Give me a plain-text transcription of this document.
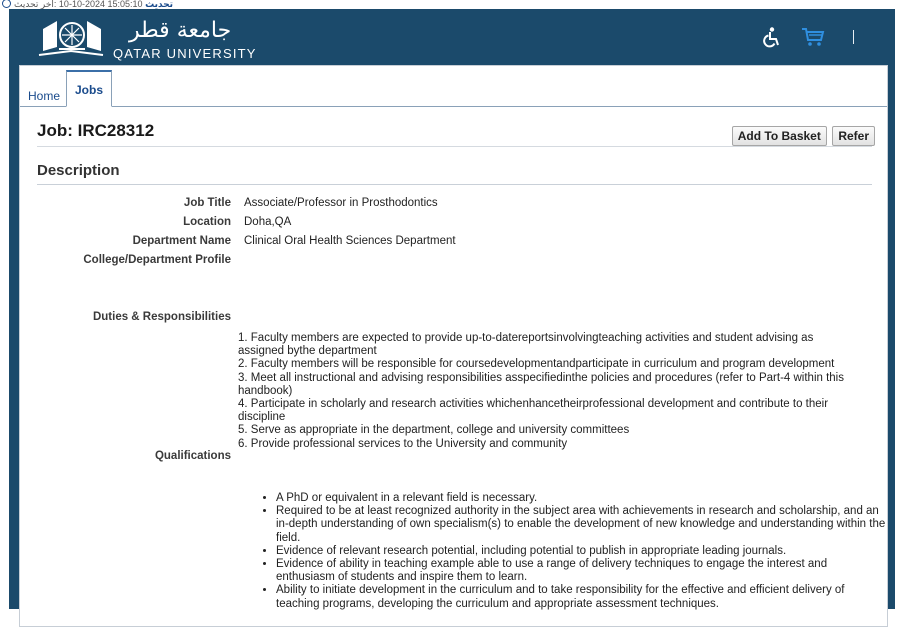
تحديث 15:05:10 2024-10-10 :آخر تحديث
جامعة قطر
QATAR UNIVERSITY
Home	Jobs
Job: IRC28312	Add To Basket Refer
Description
Job Title Associate/Professor in Prosthodontics
Location Doha,QA
Department Name Clinical Oral Health Sciences Department
College/Department Profile
Duties & Responsibilities
1. Faculty members are expected to provide up-to-datereportsinvolvingteaching activities and student advising as assigned bythe department
2. Faculty members will be responsible for coursedevelopmentandparticipate in curriculum and program development
3. Meet all instructional and advising responsibilities asspecifiedinthe policies and procedures (refer to Part-4 within this handbook)
4. Participate in scholarly and research activities whichenhancetheirprofessional development and contribute to their discipline
5. Serve as appropriate in the department, college and university committees
6. Provide professional services to the University and community
Qualifications
• A PhD or equivalent in a relevant field is necessary.
• Required to be at least recognized authority in the subject area with achievements in research and scholarship, and an in-depth understanding of own specialism(s) to enable the development of new knowledge and understanding within the field.
• Evidence of relevant research potential, including potential to publish in appropriate leading journals.
• Evidence of ability in teaching example able to use a range of delivery techniques to engage the interest and enthusiasm of students and inspire them to learn.
• Ability to initiate development in the curriculum and to take responsibility for the effective and efficient delivery of teaching programs, developing the curriculum and appropriate assessment techniques.
